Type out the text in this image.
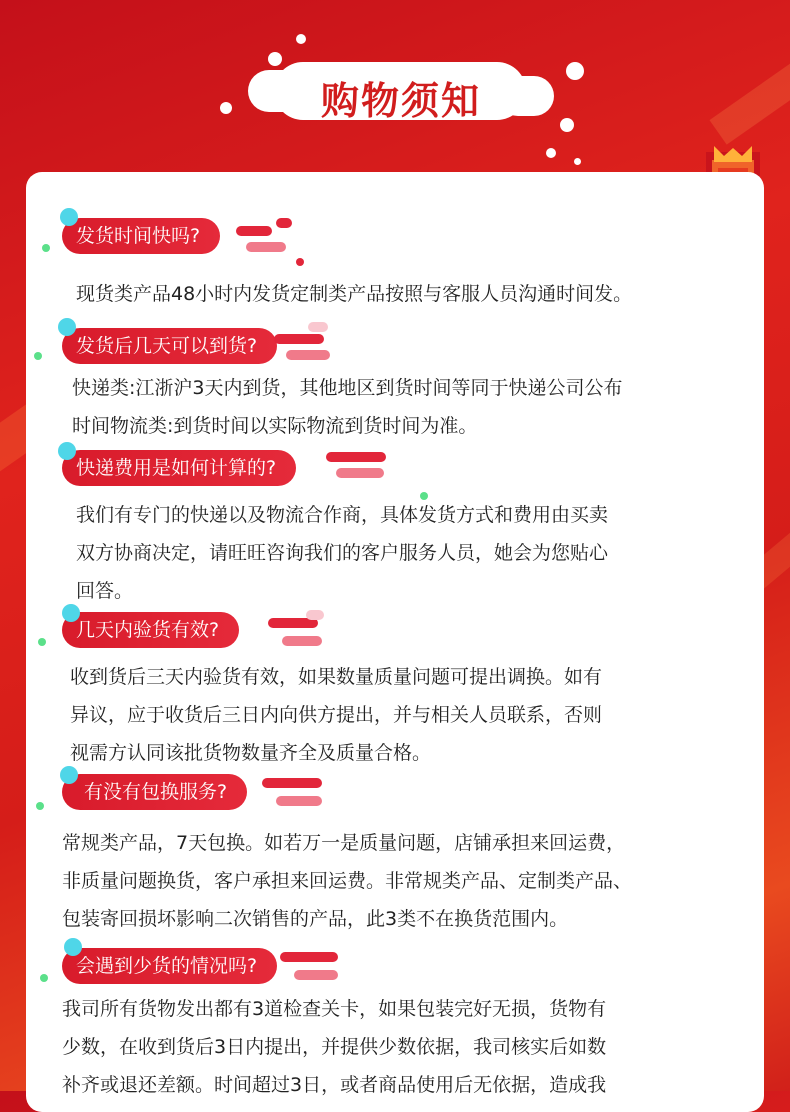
购物须知
发货时间快吗?
现货类产品48小时内发货定制类产品按照与客服人员沟通时间发。
发货后几天可以到货?
快递类:江浙沪3天内到货，其他地区到货时间等同于快递公司公布
时间物流类:到货时间以实际物流到货时间为准。
快递费用是如何计算的?
我们有专门的快递以及物流合作商，具体发货方式和费用由买卖
双方协商决定，请旺旺咨询我们的客户服务人员，她会为您贴心
回答。
几天内验货有效?
收到货后三天内验货有效，如果数量质量问题可提出调换。如有
异议，应于收货后三日内向供方提出，并与相关人员联系，否则
视需方认同该批货物数量齐全及质量合格。
有没有包换服务?
常规类产品，7天包换。如若万一是质量问题，店铺承担来回运费，
非质量问题换货，客户承担来回运费。非常规类产品、定制类产品、
包装寄回损坏影响二次销售的产品，此3类不在换货范围内。
会遇到少货的情况吗?
我司所有货物发出都有3道检查关卡，如果包装完好无损，货物有
少数，在收到货后3日内提出，并提供少数依据，我司核实后如数
补齐或退还差额。时间超过3日，或者商品使用后无依据，造成我
